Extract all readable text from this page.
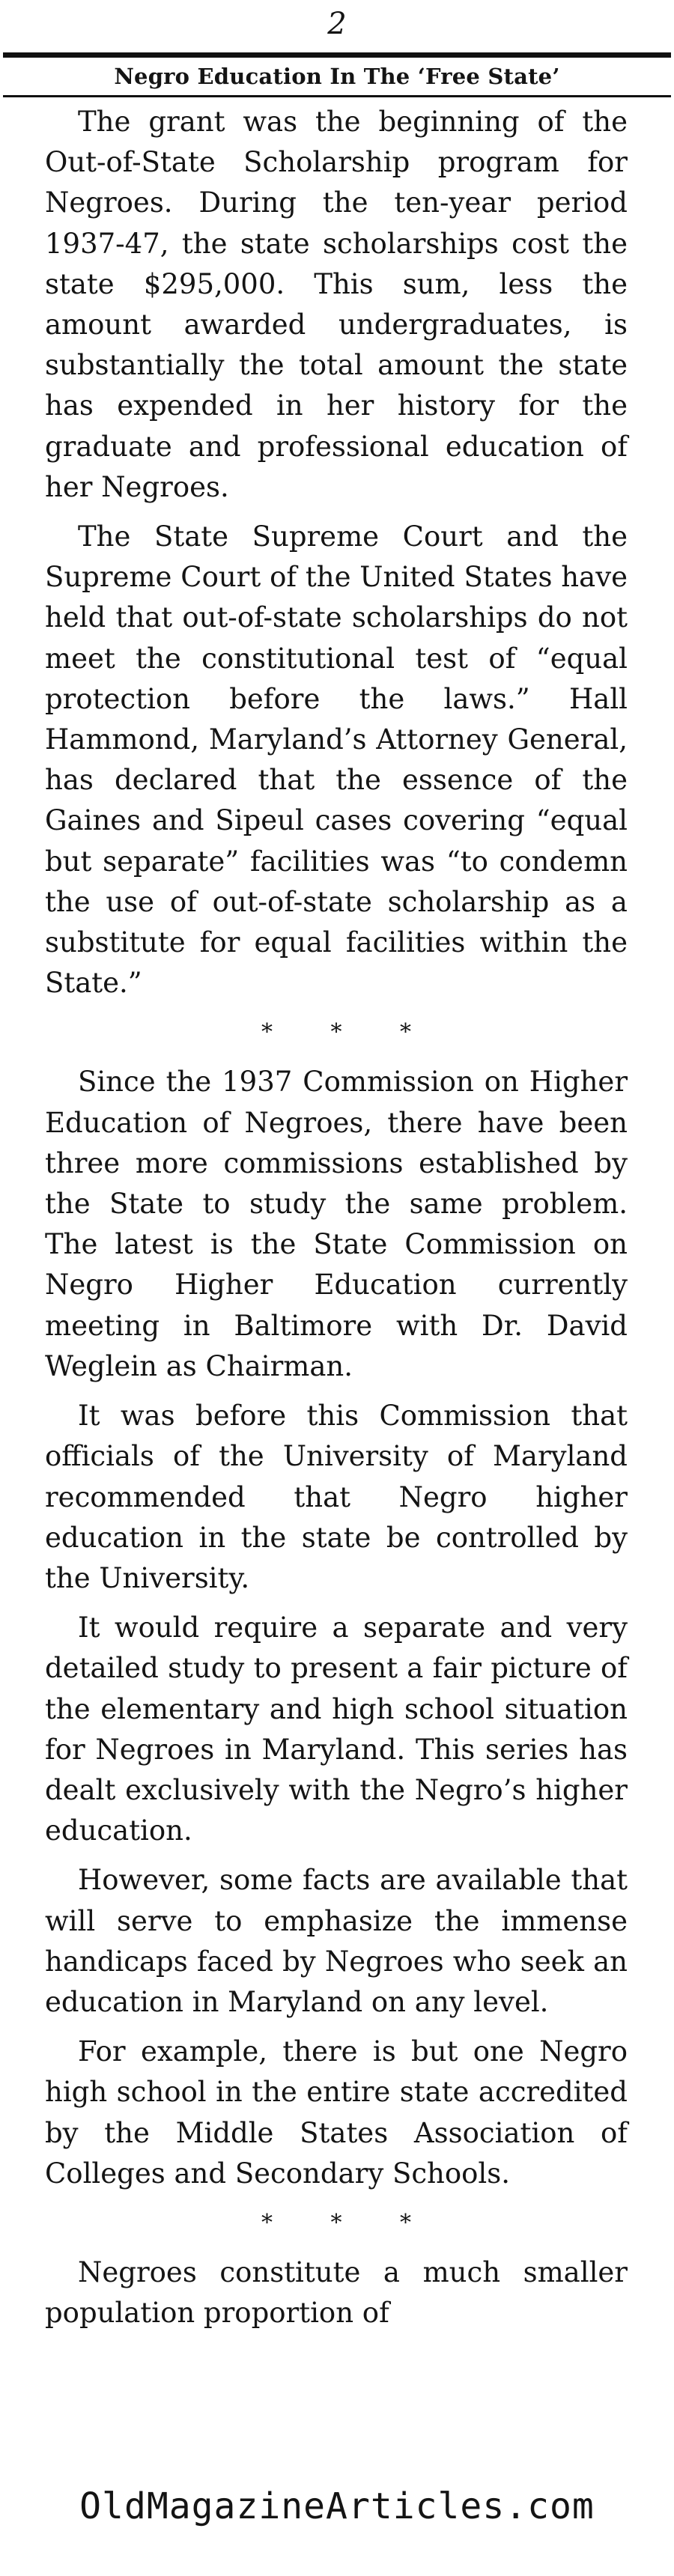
2
Negro Education In The ‘Free State’

The grant was the beginning of the Out-of-State Scholarship program for Negroes. During the ten-year period 1937-47, the state scholarships cost the state $295,000. This sum, less the amount awarded undergraduates, is substantially the total amount the state has expended in her history for the graduate and professional education of her Negroes.

The State Supreme Court and the Supreme Court of the United States have held that out-of-state scholarships do not meet the constitutional test of “equal protection before the laws.” Hall Hammond, Maryland’s Attorney General, has declared that the essence of the Gaines and Sipeul cases covering “equal but separate” facilities was “to condemn the use of out-of-state scholarship as a substitute for equal facilities within the State.”

* * *

Since the 1937 Commission on Higher Education of Negroes, there have been three more commissions established by the State to study the same problem. The latest is the State Commission on Negro Higher Education currently meeting in Baltimore with Dr. David Weglein as Chairman.

It was before this Commission that officials of the University of Maryland recommended that Negro higher education in the state be controlled by the University.

It would require a separate and very detailed study to present a fair picture of the elementary and high school situation for Negroes in Maryland. This series has dealt exclusively with the Negro’s higher education.

However, some facts are available that will serve to emphasize the immense handicaps faced by Negroes who seek an education in Maryland on any level.

For example, there is but one Negro high school in the entire state accredited by the Middle States Association of Colleges and Secondary Schools.

* * *

Negroes constitute a much smaller population proportion of

OldMagazineArticles.com
